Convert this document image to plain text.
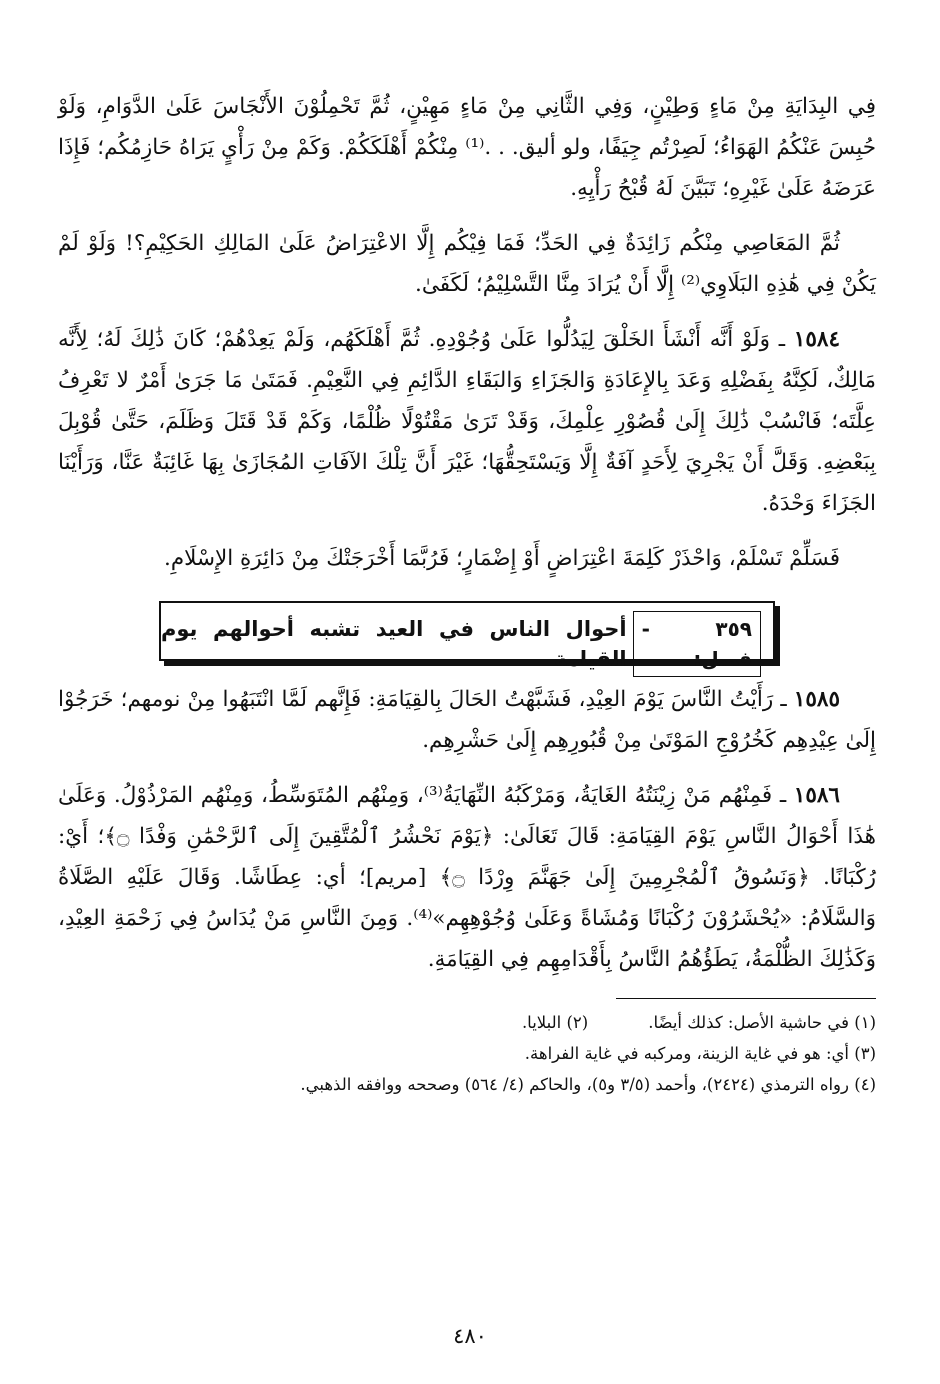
فِي البِدَايَةِ مِنْ مَاءٍ وَطِيْنٍ، وَفِي الثَّانِي مِنْ مَاءٍ مَهِيْنٍ، ثُمَّ تَحْمِلُوْنَ الأَنْجَاسَ عَلَىٰ الدَّوَامِ، وَلَوْ حُبِسَ عَنْكُمُ الهَوَاءُ؛ لَصِرْتُم جِيَفًا، ولو أليق. . .⁽¹⁾ مِنْكُمْ أَهْلَكَكُمْ. وَكَمْ مِنْ رَأْيٍ يَرَاهُ حَازِمُكُم؛ فَإِذَا عَرَضَهُ عَلَىٰ غَيْرِهِ؛ تَبَيَّنَ لَهُ قُبْحُ رَأْيِهِ.

ثُمَّ المَعَاصِي مِنْكُم زَائِدَةٌ فِي الحَدِّ؛ فَمَا فِيْكُم إِلَّا الاعْتِرَاضُ عَلَىٰ المَالِكِ الحَكِيْمِ؟! وَلَوْ لَمْ يَكُنْ فِي هَٰذِهِ البَلَاوِي⁽²⁾ إِلَّا أَنْ يُرَادَ مِنَّا التَّسْلِيْمُ؛ لَكَفَىٰ.

١٥٨٤ ـ وَلَوْ أَنَّه أَنْشَأَ الخَلْقَ لِيَدُلُّوا عَلَىٰ وُجُوْدِهِ. ثُمَّ أَهْلَكَهُم، وَلَمْ يَعِدْهُمْ؛ كَانَ ذَٰلِكَ لَهُ؛ لِأَنَّه مَالِكٌ، لَكِنَّهُ بِفَضْلِهِ وَعَدَ بِالإِعَادَةِ وَالجَزَاءِ وَالبَقَاءِ الدَّائِمِ فِي النَّعِيْمِ. فَمَتَىٰ مَا جَرَىٰ أَمْرٌ لا تَعْرِفُ عِلَّتَه؛ فَانْسُبْ ذَٰلِكَ إِلَىٰ قُصُوْرِ عِلْمِكَ، وَقَدْ تَرَىٰ مَقْتُوْلًا ظُلْمًا، وَكَمْ قَدْ قَتَلَ وَظَلَمَ، حَتَّىٰ قُوْبِلَ بِبَعْضِهِ. وَقَلَّ أَنْ يَجْرِيَ لِأَحَدٍ آفَةٌ إِلَّا وَيَسْتَحِقُّهَا؛ غَيْرَ أَنَّ تِلْكَ الآفَاتِ المُجَازَىٰ بِهَا غَائِبَةٌ عَنَّا، وَرَأَيْنَا الجَزَاءَ وَحْدَهُ.

فَسَلِّمْ تَسْلَمْ، وَاحْذَرْ كَلِمَةَ اعْتِرَاضٍ أَوْ إِضْمَارٍ؛ فَرُبَّمَا أَخْرَجَتْكَ مِنْ دَائِرَةِ الإِسْلَامِ.

٣٥٩ - فصل:
أحوال الناس في العيد تشبه أحوالهم يوم القيامة

١٥٨٥ ـ رَأَيْتُ النَّاسَ يَوْمَ العِيْدِ، فَشَبَّهْتُ الحَالَ بِالقِيَامَةِ: فَإِنَّهم لَمَّا انْتَبَهُوا مِنْ نومهم؛ خَرَجُوْا إِلَىٰ عِيْدِهِم كَخُرُوْجِ المَوْتَىٰ مِنْ قُبُورِهِم إِلَىٰ حَشْرِهِم.

١٥٨٦ ـ فَمِنْهُم مَنْ زِيْنَتُهُ الغَايَةُ، وَمَرْكَبُهُ النِّهَايَةُ⁽³⁾، وَمِنْهُم المُتَوَسِّطُ، وَمِنْهُم المَرْذُوْلُ. وَعَلَىٰ هَٰذَا أَحْوَالُ النَّاسِ يَوْمَ القِيَامَةِ: قَالَ تَعَالَىٰ: ﴿يَوْمَ نَحْشُرُ ٱلْمُتَّقِينَ إِلَى ٱلرَّحْمَٰنِ وَفْدًا ۝﴾؛ أَيْ: رُكْبَانًا. ﴿وَنَسُوقُ ٱلْمُجْرِمِينَ إِلَىٰ جَهَنَّمَ وِرْدًا ۝﴾ [مريم]؛ أي: عِطَاشًا. وَقَالَ عَلَيْهِ الصَّلَاةُ وَالسَّلَامُ: «يُحْشَرُوْنَ رُكْبَانًا وَمُشَاةً وَعَلَىٰ وُجُوْهِهِم»⁽⁴⁾. وَمِنَ النَّاسِ مَنْ يُدَاسُ فِي زَحْمَةِ العِيْدِ، وَكَذَٰلِكَ الظُّلْمَةُ، يَطَؤُهُمُ النَّاسُ بِأَقْدَامِهِم فِي القِيَامَةِ.

(١) في حاشية الأصل: كذلك أيضًا.
(٢) البلايا.
(٣) أي: هو في غاية الزينة، ومركبه في غاية الفراهة.
(٤) رواه الترمذي (٢٤٢٤)، وأحمد (٣/٥ و٥)، والحاكم (٤/ ٥٦٤) وصححه ووافقه الذهبي.
٤٨٠
